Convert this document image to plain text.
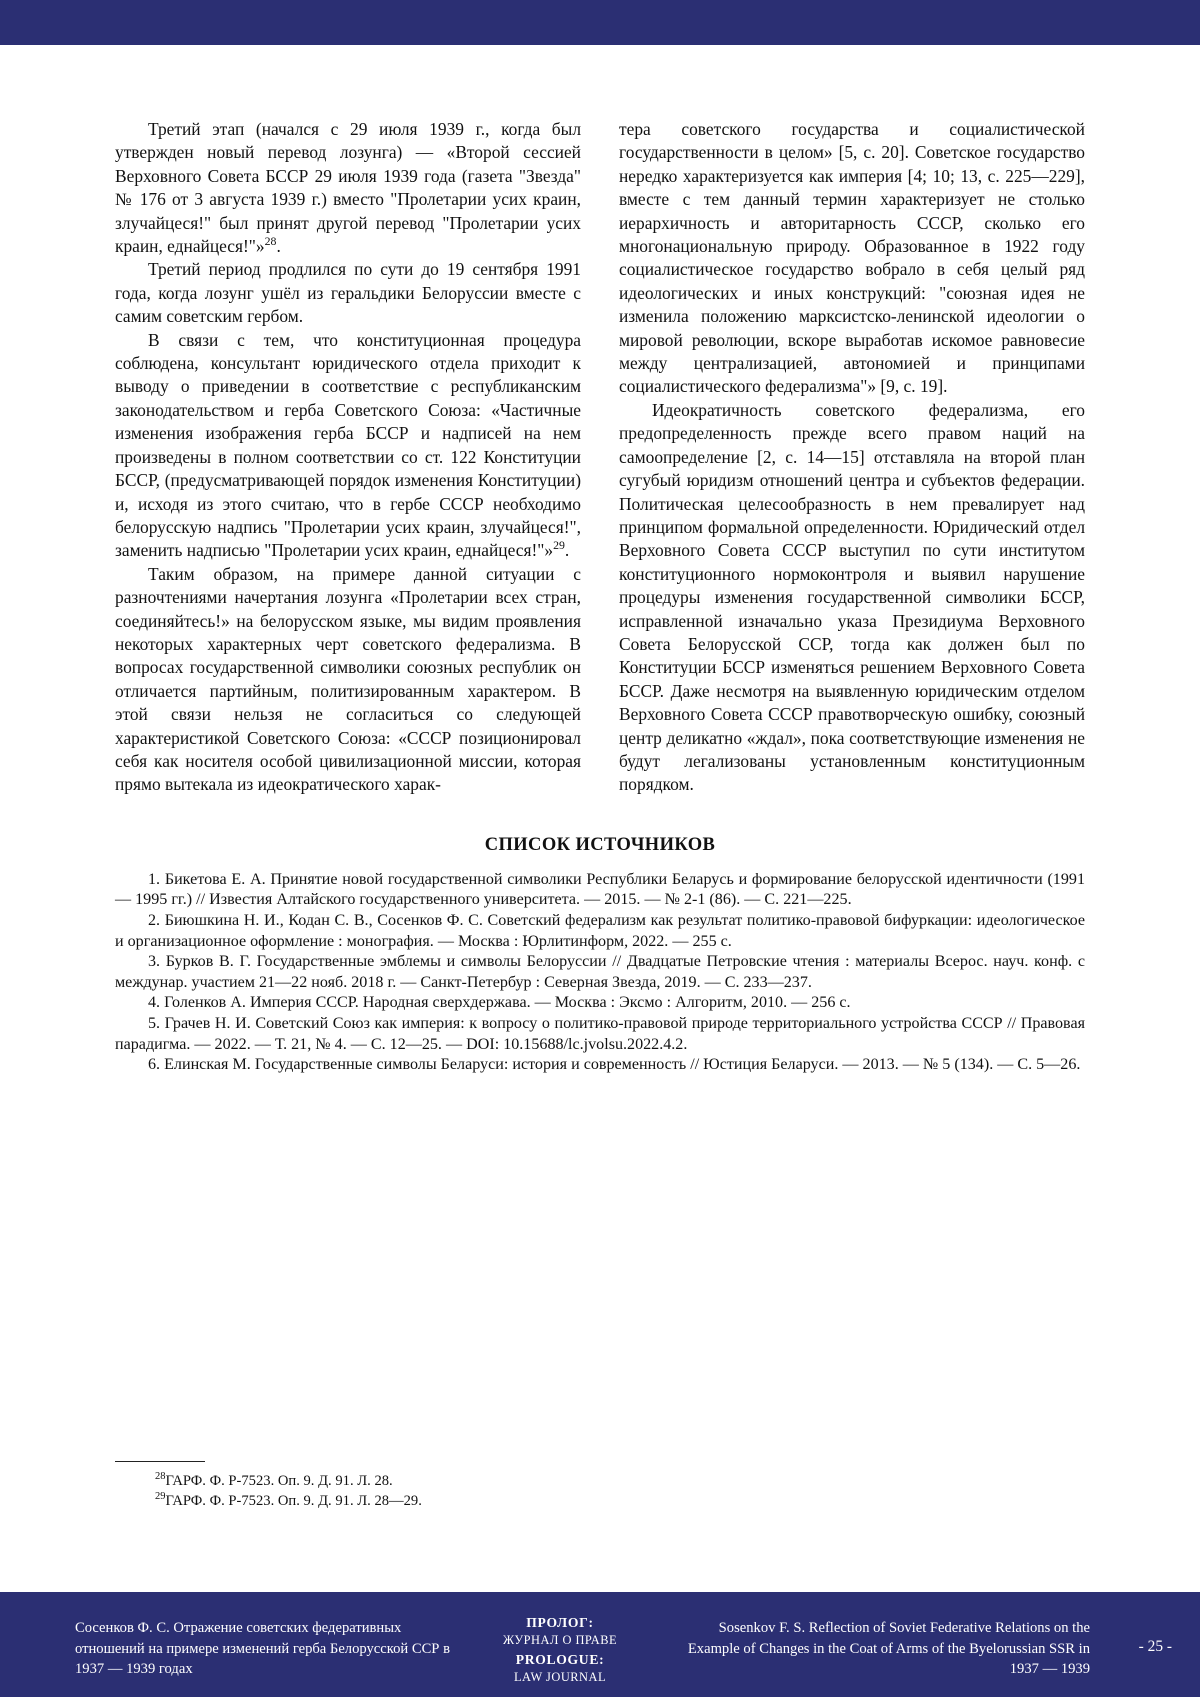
Третий этап (начался с 29 июля 1939 г., когда был утвержден новый перевод лозунга) — «Второй сессией Верховного Совета БССР 29 июля 1939 года (газета "Звезда" № 176 от 3 августа 1939 г.) вместо "Пролетарии усих краин, злучайцеся!" был принят другой перевод "Пролетарии усих краин, еднайцеся!"»$^{28}$.

Третий период продлился по сути до 19 сентября 1991 года, когда лозунг ушёл из геральдики Белоруссии вместе с самим советским гербом.

В связи с тем, что конституционная процедура соблюдена, консультант юридического отдела приходит к выводу о приведении в соответствие с республиканским законодательством и герба Советского Союза: «Частичные изменения изображения герба БССР и надписей на нем произведены в полном соответствии со ст. 122 Конституции БССР, (предусматривающей порядок изменения Конституции) и, исходя из этого считаю, что в гербе СССР необходимо белорусскую надпись "Пролетарии усих краин, злучайцеся!", заменить надписью "Пролетарии усих краин, еднайцеся!"»$^{29}$.

Таким образом, на примере данной ситуации с разночтениями начертания лозунга «Пролетарии всех стран, соединяйтесь!» на белорусском языке, мы видим проявления некоторых характерных черт советского федерализма. В вопросах государственной символики союзных республик он отличается партийным, политизированным характером. В этой связи нельзя не согласиться со следующей характеристикой Советского Союза: «СССР позиционировал себя как носителя особой цивилизационной миссии, которая прямо вытекала из идеократического харак-

тера советского государства и социалистической государственности в целом» [5, с. 20]. Советское государство нередко характеризуется как империя [4; 10; 13, с. 225—229], вместе с тем данный термин характеризует не столько иерархичность и авторитарность СССР, сколько его многонациональную природу. Образованное в 1922 году социалистическое государство вобрало в себя целый ряд идеологических и иных конструкций: "союзная идея не изменила положению марксистско-ленинской идеологии о мировой революции, вскоре выработав искомое равновесие между централизацией, автономией и принципами социалистического федерализма"» [9, с. 19].

Идеократичность советского федерализма, его предопределенность прежде всего правом наций на самоопределение [2, с. 14—15] отставляла на второй план сугубый юридизм отношений центра и субъектов федерации. Политическая целесообразность в нем превалирует над принципом формальной определенности. Юридический отдел Верховного Совета СССР выступил по сути институтом конституционного нормоконтроля и выявил нарушение процедуры изменения государственной символики БССР, исправленной изначально указа Президиума Верховного Совета Белорусской ССР, тогда как должен был по Конституции БССР изменяться решением Верховного Совета БССР. Даже несмотря на выявленную юридическим отделом Верховного Совета СССР правотворческую ошибку, союзный центр деликатно «ждал», пока соответствующие изменения не будут легализованы установленным конституционным порядком.

СПИСОК ИСТОЧНИКОВ

1. Бикетова Е. А. Принятие новой государственной символики Республики Беларусь и формирование белорусской идентичности (1991 — 1995 гг.) // Известия Алтайского государственного университета. — 2015. — № 2-1 (86). — С. 221—225.

2. Биюшкина Н. И., Кодан С. В., Сосенков Ф. С. Советский федерализм как результат политико-правовой бифуркации: идеологическое и организационное оформление : монография. — Москва : Юрлитинформ, 2022. — 255 с.

3. Бурков В. Г. Государственные эмблемы и символы Белоруссии // Двадцатые Петровские чтения : материалы Всерос. науч. конф. с междунар. участием 21—22 нояб. 2018 г. — Санкт-Петербур : Северная Звезда, 2019. — С. 233—237.

4. Голенков А. Империя СССР. Народная сверхдержава. — Москва : Эксмо : Алгоритм, 2010. — 256 с.

5. Грачев Н. И. Советский Союз как империя: к вопросу о политико-правовой природе территориального устройства СССР // Правовая парадигма. — 2022. — Т. 21, № 4. — С. 12—25. — DOI: 10.15688/lc.jvolsu.2022.4.2.

6. Елинская М. Государственные символы Беларуси: история и современность // Юстиция Беларуси. — 2013. — № 5 (134). — С. 5—26.

$^{28}$ГАРФ. Ф. Р-7523. Оп. 9. Д. 91. Л. 28.

$^{29}$ГАРФ. Ф. Р-7523. Оп. 9. Д. 91. Л. 28—29.

Сосенков Ф. С. Отражение советских федеративных отношений на примере изменений герба Белорусской ССР в 1937 — 1939 годах
ПРОЛОГ:
ЖУРНАЛ О ПРАВЕ
PROLOGUE:
LAW JOURNAL
Sosenkov F. S. Reflection of Soviet Federative Relations on the Example of Changes in the Coat of Arms of the Byelorussian SSR in 1937 — 1939
- 25 -
